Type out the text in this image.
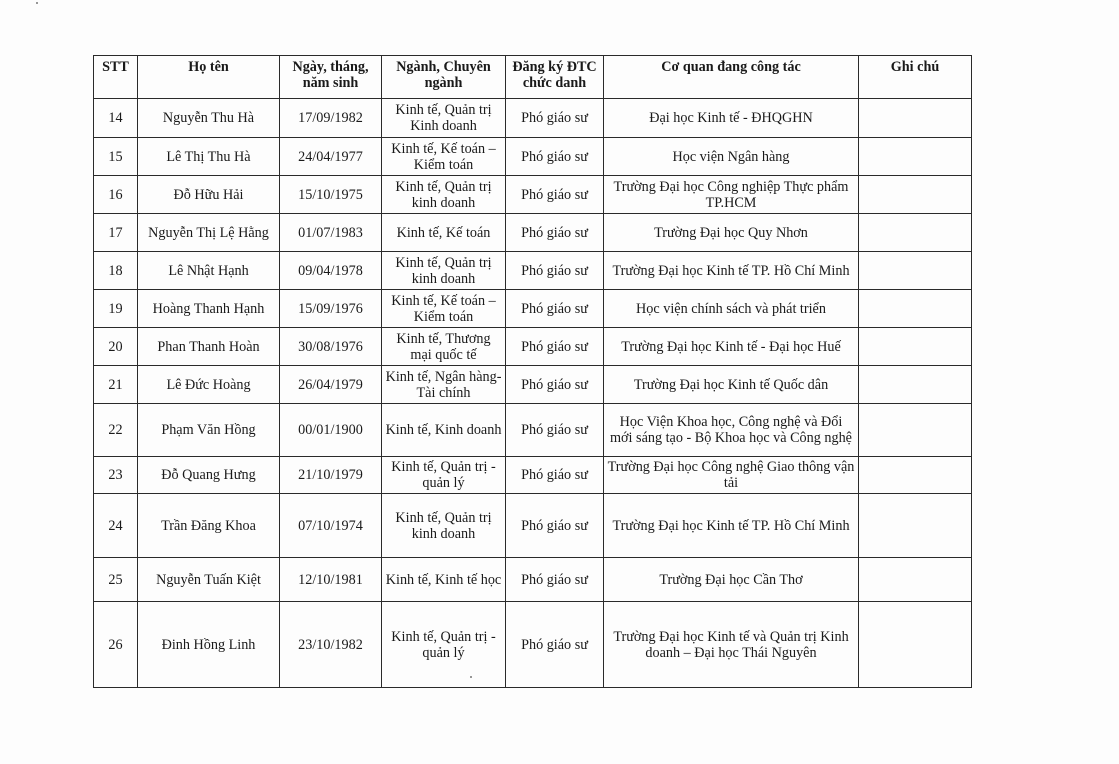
STT	Họ tên	Ngày, tháng, năm sinh	Ngành, Chuyên ngành	Đăng ký ĐTC chức danh	Cơ quan đang công tác	Ghi chú
14	Nguyễn Thu Hà	17/09/1982	Kinh tế, Quản trị Kinh doanh	Phó giáo sư	Đại học Kinh tế - ĐHQGHN	
15	Lê Thị Thu Hà	24/04/1977	Kinh tế, Kế toán – Kiểm toán	Phó giáo sư	Học viện Ngân hàng	
16	Đỗ Hữu Hải	15/10/1975	Kinh tế, Quản trị kinh doanh	Phó giáo sư	Trường Đại học Công nghiệp Thực phẩm TP.HCM	
17	Nguyễn Thị Lệ Hằng	01/07/1983	Kinh tế, Kế toán	Phó giáo sư	Trường Đại học Quy Nhơn	
18	Lê Nhật Hạnh	09/04/1978	Kinh tế, Quản trị kinh doanh	Phó giáo sư	Trường Đại học Kinh tế TP. Hồ Chí Minh	
19	Hoàng Thanh Hạnh	15/09/1976	Kinh tế, Kế toán – Kiểm toán	Phó giáo sư	Học viện chính sách và phát triển	
20	Phan Thanh Hoàn	30/08/1976	Kinh tế, Thương mại quốc tế	Phó giáo sư	Trường Đại học Kinh tế - Đại học Huế	
21	Lê Đức Hoàng	26/04/1979	Kinh tế, Ngân hàng-Tài chính	Phó giáo sư	Trường Đại học Kinh tế Quốc dân	
22	Phạm Văn Hồng	00/01/1900	Kinh tế, Kinh doanh	Phó giáo sư	Học Viện Khoa học, Công nghệ và Đổi mới sáng tạo - Bộ Khoa học và Công nghệ	
23	Đỗ Quang Hưng	21/10/1979	Kinh tế, Quản trị - quản lý	Phó giáo sư	Trường Đại học Công nghệ Giao thông vận tải	
24	Trần Đăng Khoa	07/10/1974	Kinh tế, Quản trị kinh doanh	Phó giáo sư	Trường Đại học Kinh tế TP. Hồ Chí Minh	
25	Nguyễn Tuấn Kiệt	12/10/1981	Kinh tế, Kinh tế học	Phó giáo sư	Trường Đại học Cần Thơ	
26	Đinh Hồng Linh	23/10/1982	Kinh tế, Quản trị - quản lý	Phó giáo sư	Trường Đại học Kinh tế và Quản trị Kinh doanh – Đại học Thái Nguyên	
